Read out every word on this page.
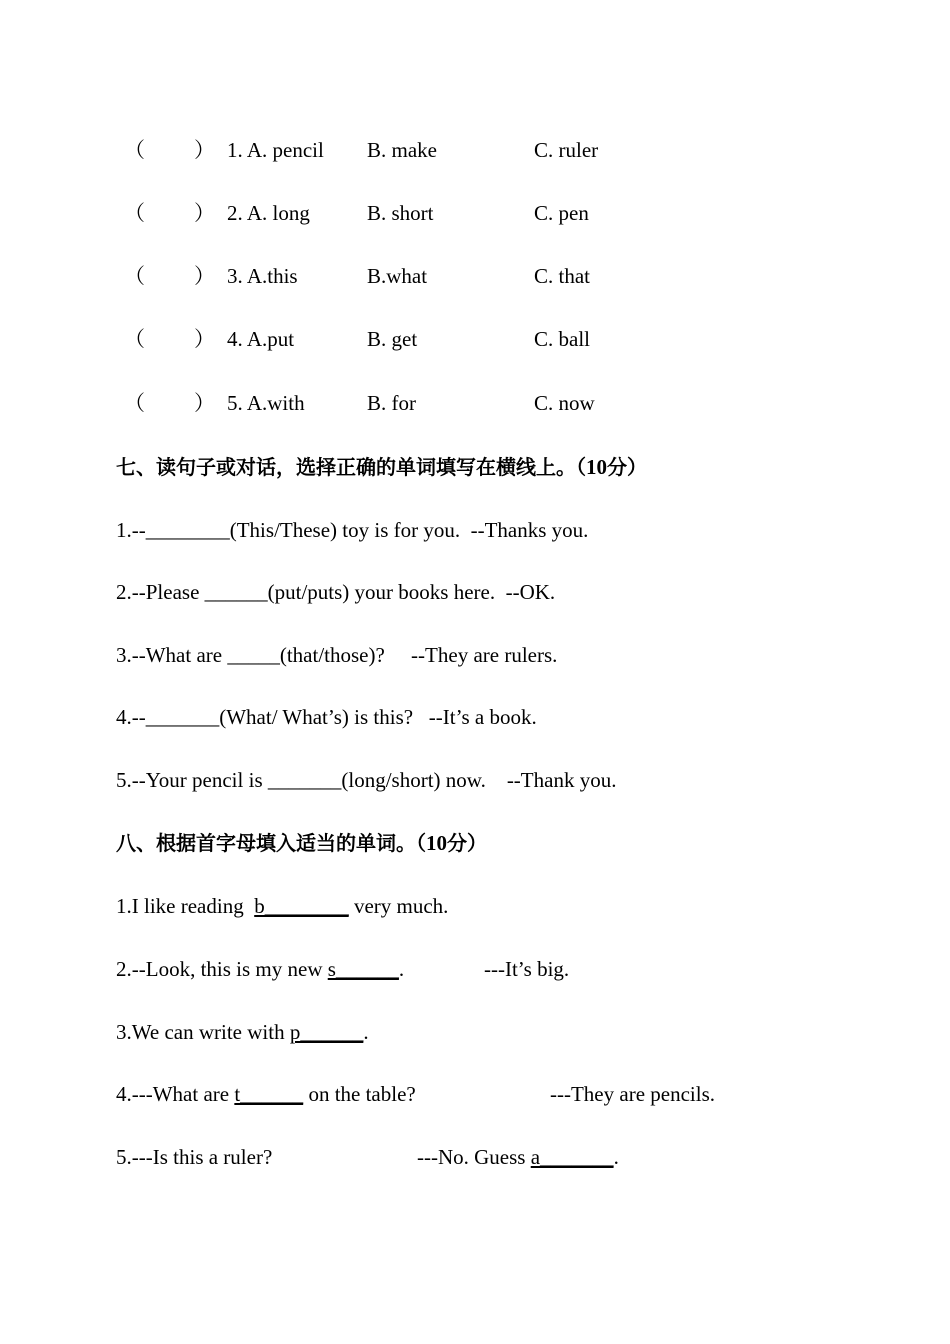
（ ） 1. A. pencil B. make	C. ruler
（ ） 2. A. long	B. short	C. pen
（ ） 3. A.this	B.what	C. that
（ ） 4. A.put	B. get	C. ball
（ ） 5. A.with	B. for	C. now
七、读句子或对话，选择正确的单词填写在横线上。（10分）
1.--________(This/These) toy is for you.  --Thanks you.
2.--Please ______(put/puts) your books here.  --OK.
3.--What are _____(that/those)?     --They are rulers.
4.--_______(What/ What’s) is this?   --It’s a book.
5.--Your pencil is _______(long/short) now.    --Thank you.
八、根据首字母填入适当的单词。（10分）
1.I like reading  b________ very much.
2.--Look, this is my new s______.	---It’s big.
3.We can write with p______.
4.---What are t______ on the table?	---They are pencils.
5.---Is this a ruler?	---No. Guess a_______.
